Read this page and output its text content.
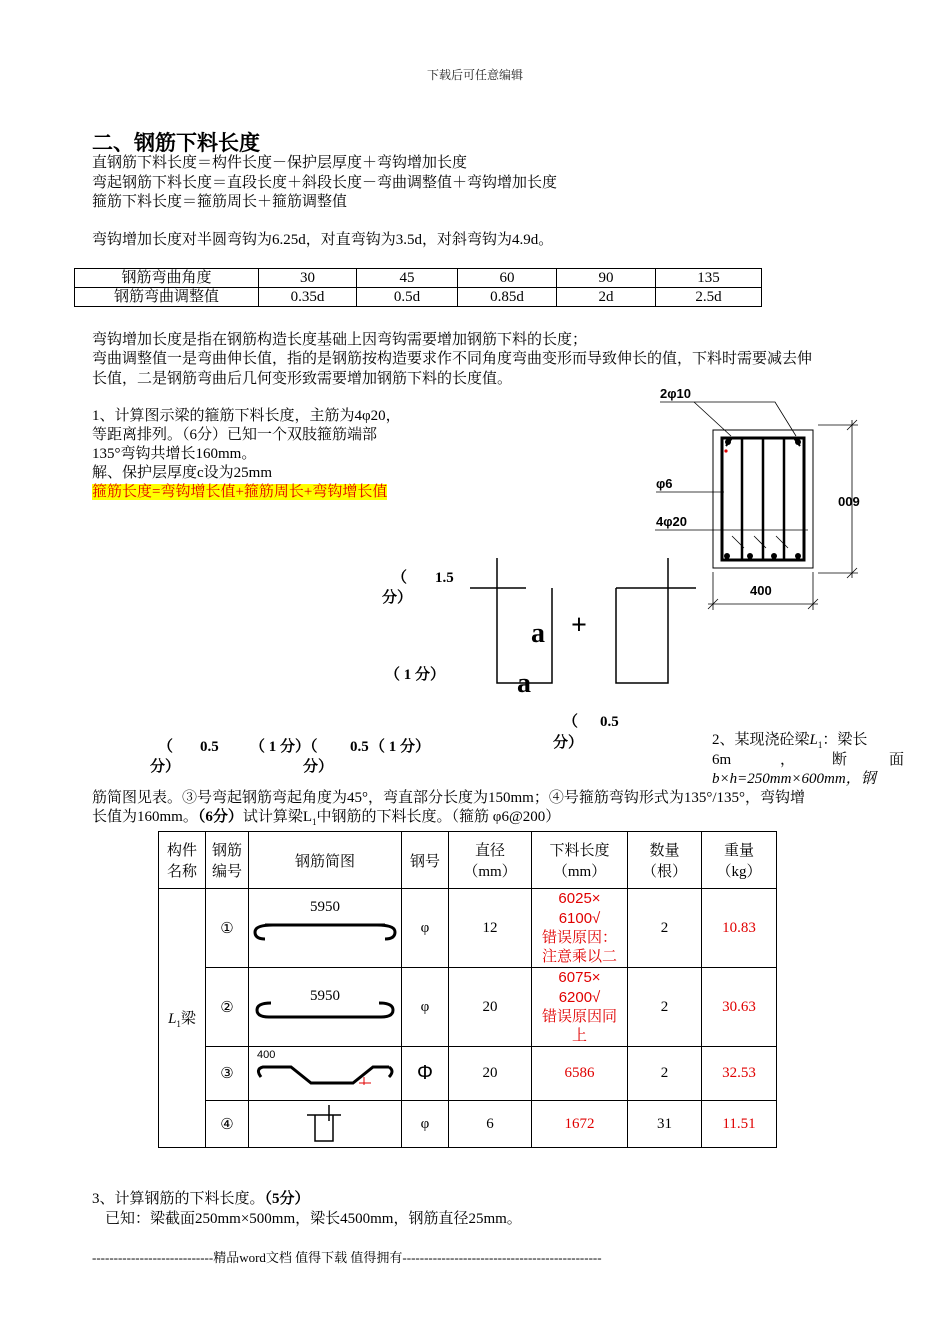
下载后可任意编辑
二、钢筋下料长度
直钢筋下料长度＝构件长度－保护层厚度＋弯钩增加长度
弯起钢筋下料长度＝直段长度＋斜段长度－弯曲调整值＋弯钩增加长度
箍筋下料长度＝箍筋周长＋箍筋调整值
弯钩增加长度对半圆弯钩为6.25d，对直弯钩为3.5d，对斜弯钩为4.9d。
钢筋弯曲角度	30	45	60	90	135
钢筋弯曲调整值	0.35d	0.5d	0.85d	2d	2.5d
弯钩增加长度是指在钢筋构造长度基础上因弯钩需要增加钢筋下料的长度；
弯曲调整值一是弯曲伸长值，指的是钢筋按构造要求作不同角度弯曲变形而导致伸长的值，下料时需要减去伸
长值，二是钢筋弯曲后几何变形致需要增加钢筋下料的长度值。
1、计算图示梁的箍筋下料长度，主筋为4φ20，
等距离排列。（6分）已知一个双肢箍筋端部
135°弯钩共增长160mm。
解、保护层厚度c设为25mm
箍筋长度=弯钩增长值+箍筋周长+弯钩增长值
2φ10
φ6
4φ20
600
400
a
a
+
（ 1.5
分）
（ 1 分）
（ 0.5
分）
（ 0.5
分）
（ 1 分）（ 0.5 （ 1 分）
分）
2、某现浇砼梁$L_1$：梁长
6m	， 断	面
b×h=250mm×600mm，钢
筋简图见表。③号弯起钢筋弯起角度为45°，弯直部分长度为150mm；④号箍筋弯钩形式为135°/135°，弯钩增
长值为160mm。（6分）试计算梁$L_1$中钢筋的下料长度。（箍筋 φ6@200）
构件
名称	钢筋
编号	钢筋简图	钢号	直径
（mm）	下料长度
（mm）	数量
（根）	重量
（kg）
$L_1$梁	①	5950	φ	12	6025×
6100√
错误原因：
注意乘以二	2	10.83
	②	5950	φ	20	6075×
6200√
错误原因同
上	2	30.63
	③	400	Φ	20	6586	2	32.53
	④		φ	6	1672	31	11.51
3、计算钢筋的下料长度。（5分）
已知：梁截面250mm×500mm，梁长4500mm，钢筋直径25mm。
----------------------------精品word文档 值得下载 值得拥有----------------------------------------------
